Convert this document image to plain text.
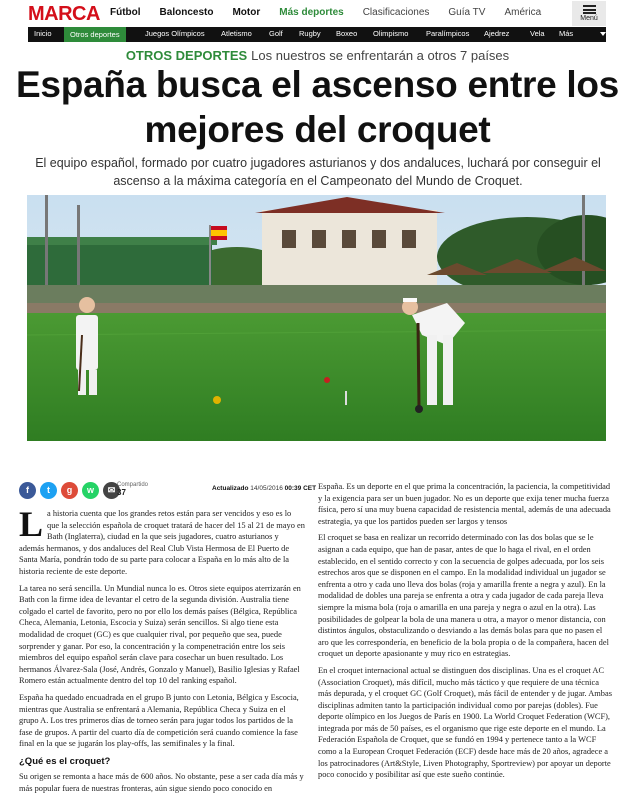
MARCA Fútbol Baloncesto Motor Más deportes Clasificaciones Guía TV América
Menú
Inicio	Otros deportes	Juegos Olímpicos Atletismo Golf Rugby Boxeo Olimpismo Paralímpicos Ajedrez	Vela Más
OTROS DEPORTES Los nuestros se enfrentarán a otros 7 países
España busca el ascenso entre los mejores del croquet

El equipo español, formado por cuatro jugadores asturianos y dos andaluces, luchará por conseguir el ascenso a la máxima categoría en el Campeonato del Mundo de Croquet.

f	t	g	w	✉ Compartido
37	Actualizado 14/05/2016 00:39 CET

La historia cuenta que los grandes retos están para ser vencidos y eso es lo que la selección española de croquet tratará de hacer del 15 al 21 de mayo en Bath (Inglaterra), ciudad en la que seis jugadores, cuatro asturianos y además hermanos, y dos andaluces del Real Club Vista Hermosa de El Puerto de Santa María, pondrán todo de su parte para colocar a España en lo más alto de la historia reciente de este deporte.

La tarea no será sencilla. Un Mundial nunca lo es. Otros siete equipos aterrizarán en Bath con la firme idea de levantar el cetro de la segunda división. Australia tiene colgado el cartel de favorito, pero no por ello los demás países (Bélgica, República Checa, Alemania, Letonia, Escocia y Suiza) serán sencillos. Si algo tiene esta modalidad de croquet (GC) es que cualquier rival, por pequeño que sea, puede sorprender y ganar. Por eso, la concentración y la compenetración entre los seis miembros del equipo español serán clave para cosechar un buen resultado. Los hermanos Álvarez-Sala (José, Andrés, Gonzalo y Manuel), Basilio Iglesias y Rafael Romero están actualmente dentro del top 10 del ranking español.

España ha quedado encuadrada en el grupo B junto con Letonia, Bélgica y Escocia, mientras que Australia se enfrentará a Alemania, República Checa y Suiza en el grupo A. Los tres primeros días de torneo serán para jugar todos los partidos de la fase de grupos. A partir del cuarto día de competición será cuando comience la fase final en la que se jugarán los play-offs, las semifinales y la final.

¿Qué es el croquet?

Su origen se remonta a hace más de 600 años. No obstante, pese a ser cada día más y más popular fuera de nuestras fronteras, aún sigue siendo poco conocido en

España. Es un deporte en el que prima la concentración, la paciencia, la competitividad y la exigencia para ser un buen jugador. No es un deporte que exija tener mucha fuerza física, pero sí una muy buena capacidad de resistencia mental, además de una adecuada estrategia, ya que los partidos pueden ser largos y tensos

El croquet se basa en realizar un recorrido determinado con las dos bolas que se le asignan a cada equipo, que han de pasar, antes de que lo haga el rival, en el orden establecido, en el sentido correcto y con la secuencia de golpes adecuada, por los seis estrechos aros que se disponen en el campo. En la modalidad individual un jugador se enfrenta a otro y cada uno lleva dos bolas (roja y amarilla frente a negra y azul). En la modalidad de dobles una pareja se enfrenta a otra y cada jugador de cada pareja lleva siempre la misma bola (roja o amarilla en una pareja y negra o azul en la otra). Las posibilidades de golpear la bola de una manera u otra, a mayor o menor distancia, con distintos ángulos, obstaculizando o desviando a las demás bolas para que no pasen el aro que les correspondería, en beneficio de la bola propia o de la compañera, hacen del croquet un deporte apasionante y muy rico en estrategias.

En el croquet internacional actual se distinguen dos disciplinas. Una es el croquet AC (Association Croquet), más difícil, mucho más táctico y que requiere de una técnica más depurada, y el croquet GC (Golf Croquet), más fácil de entender y de jugar. Ambas disciplinas admiten tanto la participación individual como por parejas (dobles). Fue deporte olímpico en los Juegos de París en 1900. La World Croquet Federation (WCF), integrada por más de 50 países, es el organismo que rige este deporte en el mundo. La Federación Española de Croquet, que se fundó en 1994 y pertenece tanto a la WCF como a la European Croquet Federación (ECF) desde hace más de 20 años, agradece a los patrocinadores (Art&Style, Liven Photography, Sportreview) por apoyar un deporte poco conocido y posibilitar así que este sueño continúe.
